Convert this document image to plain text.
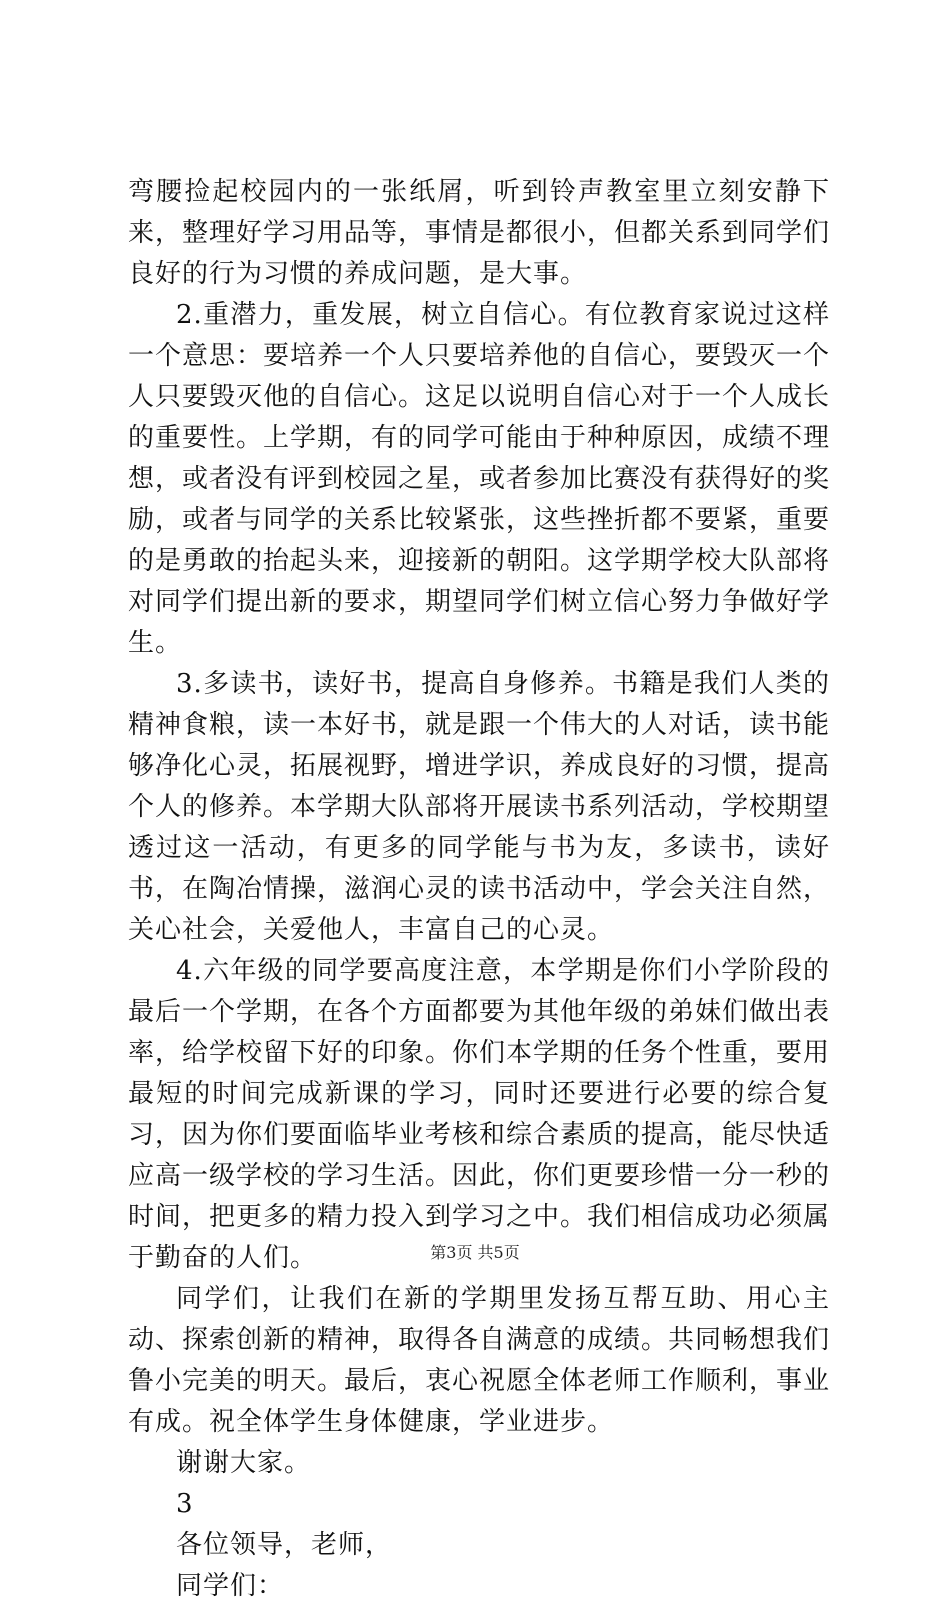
弯腰捡起校园内的一张纸屑，听到铃声教室里立刻安静下来，整理好学习用品等，事情是都很小，但都关系到同学们良好的行为习惯的养成问题，是大事。

2.重潜力，重发展，树立自信心。有位教育家说过这样一个意思：要培养一个人只要培养他的自信心，要毁灭一个人只要毁灭他的自信心。这足以说明自信心对于一个人成长的重要性。上学期，有的同学可能由于种种原因，成绩不理想，或者没有评到校园之星，或者参加比赛没有获得好的奖励，或者与同学的关系比较紧张，这些挫折都不要紧，重要的是勇敢的抬起头来，迎接新的朝阳。这学期学校大队部将对同学们提出新的要求，期望同学们树立信心努力争做好学生。

3.多读书，读好书，提高自身修养。书籍是我们人类的精神食粮，读一本好书，就是跟一个伟大的人对话，读书能够净化心灵，拓展视野，增进学识，养成良好的习惯，提高个人的修养。本学期大队部将开展读书系列活动，学校期望透过这一活动，有更多的同学能与书为友，多读书，读好书，在陶冶情操，滋润心灵的读书活动中，学会关注自然，关心社会，关爱他人，丰富自己的心灵。

4.六年级的同学要高度注意，本学期是你们小学阶段的最后一个学期，在各个方面都要为其他年级的弟妹们做出表率，给学校留下好的印象。你们本学期的任务个性重，要用最短的时间完成新课的学习，同时还要进行必要的综合复习，因为你们要面临毕业考核和综合素质的提高，能尽快适应高一级学校的学习生活。因此，你们更要珍惜一分一秒的时间，把更多的精力投入到学习之中。我们相信成功必须属于勤奋的人们。

同学们，让我们在新的学期里发扬互帮互助、用心主动、探索创新的精神，取得各自满意的成绩。共同畅想我们鲁小完美的明天。最后，衷心祝愿全体老师工作顺利，事业有成。祝全体学生身体健康，学业进步。

谢谢大家。

3

各位领导，老师，

同学们：

第3页 共5页
